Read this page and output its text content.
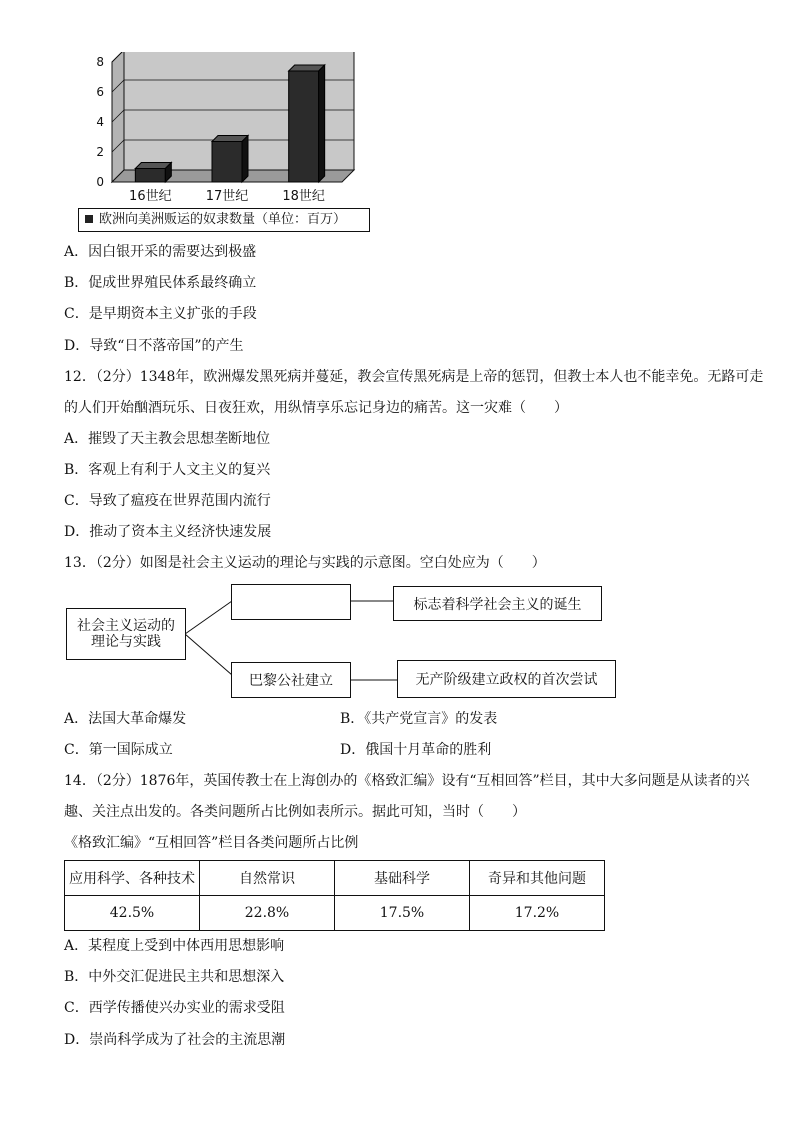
0
2
4
6
8
16世纪	17世纪	18世纪
欧洲向美洲贩运的奴隶数量（单位：百万）
A．因白银开采的需要达到极盛
B．促成世界殖民体系最终确立
C．是早期资本主义扩张的手段
D．导致“日不落帝国”的产生
12．（2分）1348年，欧洲爆发黑死病并蔓延，教会宣传黑死病是上帝的惩罚，但教士本人也不能幸免。无路可走
的人们开始酗酒玩乐、日夜狂欢，用纵情享乐忘记身边的痛苦。这一灾难（　　）
A．摧毁了天主教会思想垄断地位
B．客观上有利于人文主义的复兴
C．导致了瘟疫在世界范围内流行
D．推动了资本主义经济快速发展
13．（2分）如图是社会主义运动的理论与实践的示意图。空白处应为（　　）
社会主义运动的理论与实践
标志着科学社会主义的诞生
巴黎公社建立	无产阶级建立政权的首次尝试
A．法国大革命爆发	B．《共产党宣言》的发表
C．第一国际成立	D．俄国十月革命的胜利
14．（2分）1876年，英国传教士在上海创办的《格致汇编》设有“互相回答”栏目，其中大多问题是从读者的兴
趣、关注点出发的。各类问题所占比例如表所示。据此可知，当时（　　）
《格致汇编》“互相回答”栏目各类问题所占比例
应用科学、各种技术	自然常识	基础科学	奇异和其他问题
42.5%	22.8%	17.5%	17.2%
A．某程度上受到中体西用思想影响
B．中外交汇促进民主共和思想深入
C．西学传播使兴办实业的需求受阻
D．崇尚科学成为了社会的主流思潮
